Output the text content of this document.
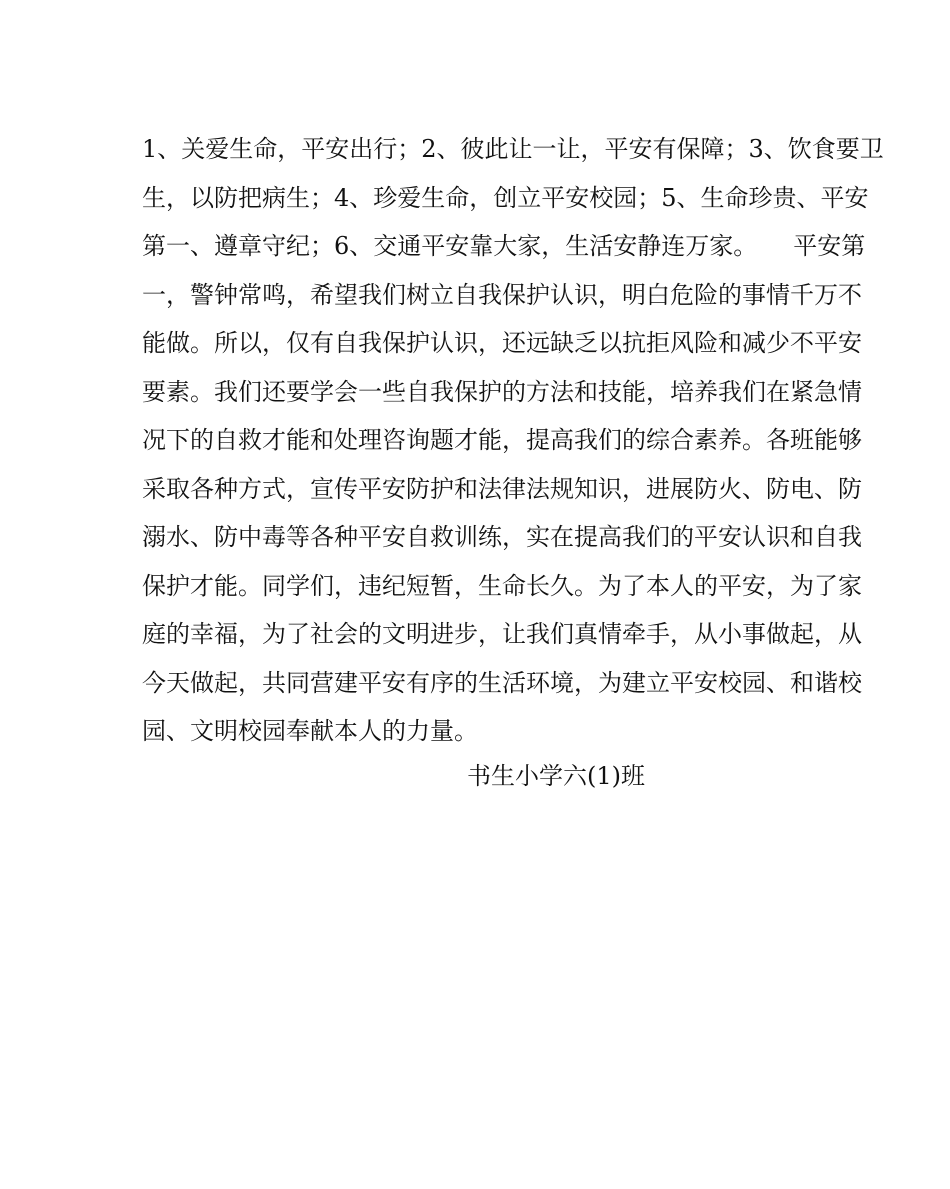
1、关爱生命，平安出行；2、彼此让一让，平安有保障；3、饮食要卫
生，以防把病生；4、珍爱生命，创立平安校园；5、生命珍贵、平安
第一、遵章守纪；6、交通平安靠大家，生活安静连万家。　　平安第
一，警钟常鸣，希望我们树立自我保护认识，明白危险的事情千万不
能做。所以，仅有自我保护认识，还远缺乏以抗拒风险和减少不平安
要素。我们还要学会一些自我保护的方法和技能，培养我们在紧急情
况下的自救才能和处理咨询题才能，提高我们的综合素养。各班能够
采取各种方式，宣传平安防护和法律法规知识，进展防火、防电、防
溺水、防中毒等各种平安自救训练，实在提高我们的平安认识和自我
保护才能。同学们，违纪短暂，生命长久。为了本人的平安，为了家
庭的幸福，为了社会的文明进步，让我们真情牵手，从小事做起，从
今天做起，共同营建平安有序的生活环境，为建立平安校园、和谐校
园、文明校园奉献本人的力量。
书生小学六(1)班
